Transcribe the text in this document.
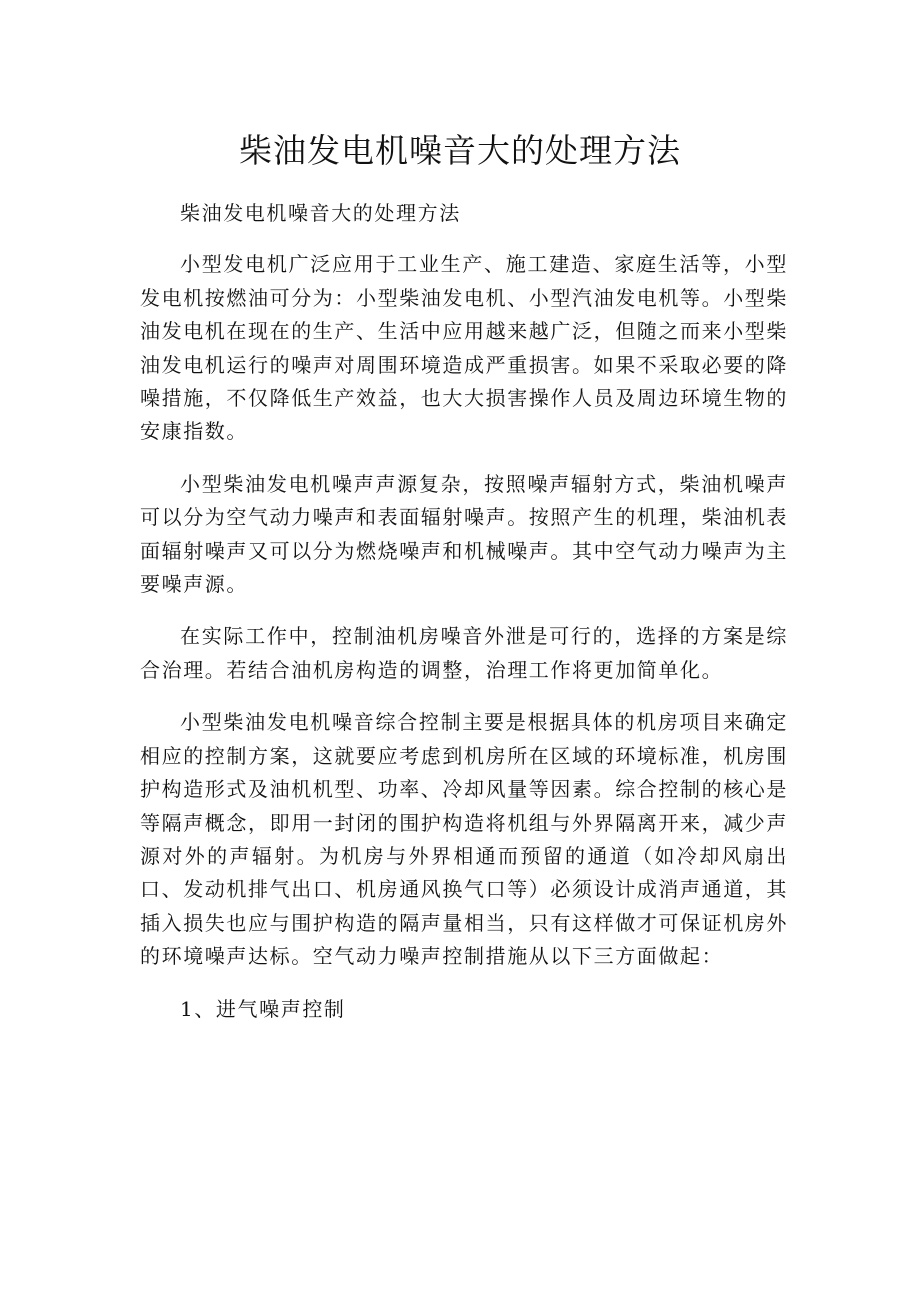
柴油发电机噪音大的处理方法

柴油发电机噪音大的处理方法

小型发电机广泛应用于工业生产、施工建造、家庭生活等，小型发电机按燃油可分为：小型柴油发电机、小型汽油发电机等。小型柴油发电机在现在的生产、生活中应用越来越广泛，但随之而来小型柴油发电机运行的噪声对周围环境造成严重损害。如果不采取必要的降噪措施，不仅降低生产效益，也大大损害操作人员及周边环境生物的安康指数。

小型柴油发电机噪声声源复杂，按照噪声辐射方式，柴油机噪声可以分为空气动力噪声和表面辐射噪声。按照产生的机理，柴油机表面辐射噪声又可以分为燃烧噪声和机械噪声。其中空气动力噪声为主要噪声源。

在实际工作中，控制油机房噪音外泄是可行的，选择的方案是综合治理。若结合油机房构造的调整，治理工作将更加简单化。

小型柴油发电机噪音综合控制主要是根据具体的机房项目来确定相应的控制方案，这就要应考虑到机房所在区域的环境标准，机房围护构造形式及油机机型、功率、冷却风量等因素。综合控制的核心是等隔声概念，即用一封闭的围护构造将机组与外界隔离开来，减少声源对外的声辐射。为机房与外界相通而预留的通道（如冷却风扇出口、发动机排气出口、机房通风换气口等）必须设计成消声通道，其插入损失也应与围护构造的隔声量相当，只有这样做才可保证机房外的环境噪声达标。空气动力噪声控制措施从以下三方面做起：

1、进气噪声控制
